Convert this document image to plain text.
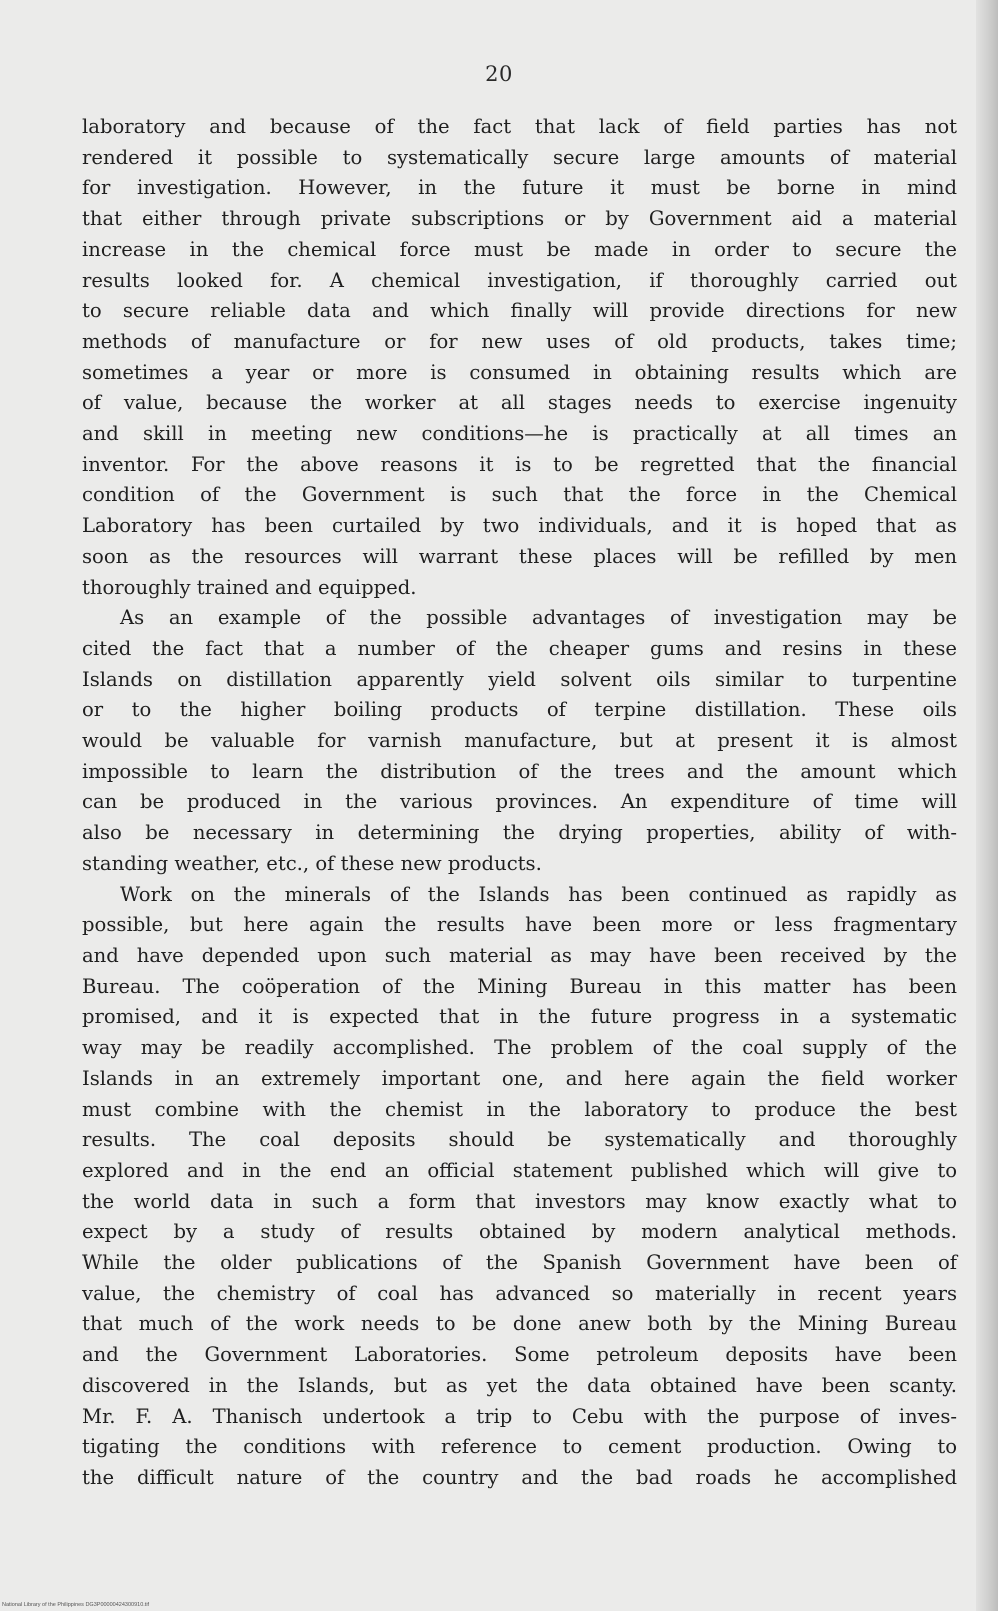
20

laboratory and because of the fact that lack of field parties has not

rendered it possible to systematically secure large amounts of material

for investigation. However, in the future it must be borne in mind

that either through private subscriptions or by Government aid a material

increase in the chemical force must be made in order to secure the

results looked for. A chemical investigation, if thoroughly carried out

to secure reliable data and which finally will provide directions for new

methods of manufacture or for new uses of old products, takes time;

sometimes a year or more is consumed in obtaining results which are

of value, because the worker at all stages needs to exercise ingenuity

and skill in meeting new conditions—he is practically at all times an

inventor. For the above reasons it is to be regretted that the financial

condition of the Government is such that the force in the Chemical

Laboratory has been curtailed by two individuals, and it is hoped that as

soon as the resources will warrant these places will be refilled by men

thoroughly trained and equipped.

As an example of the possible advantages of investigation may be

cited the fact that a number of the cheaper gums and resins in these

Islands on distillation apparently yield solvent oils similar to turpentine

or to the higher boiling products of terpine distillation. These oils

would be valuable for varnish manufacture, but at present it is almost

impossible to learn the distribution of the trees and the amount which

can be produced in the various provinces. An expenditure of time will

also be necessary in determining the drying properties, ability of with-

standing weather, etc., of these new products.

Work on the minerals of the Islands has been continued as rapidly as

possible, but here again the results have been more or less fragmentary

and have depended upon such material as may have been received by the

Bureau. The coöperation of the Mining Bureau in this matter has been

promised, and it is expected that in the future progress in a systematic

way may be readily accomplished. The problem of the coal supply of the

Islands in an extremely important one, and here again the field worker

must combine with the chemist in the laboratory to produce the best

results. The coal deposits should be systematically and thoroughly

explored and in the end an official statement published which will give to

the world data in such a form that investors may know exactly what to

expect by a study of results obtained by modern analytical methods.

While the older publications of the Spanish Government have been of

value, the chemistry of coal has advanced so materially in recent years

that much of the work needs to be done anew both by the Mining Bureau

and the Government Laboratories. Some petroleum deposits have been

discovered in the Islands, but as yet the data obtained have been scanty.

Mr. F. A. Thanisch undertook a trip to Cebu with the purpose of inves-

tigating the conditions with reference to cement production. Owing to

the difficult nature of the country and the bad roads he accomplished

National Library of the Philippines DG3P00000424300910.tif
